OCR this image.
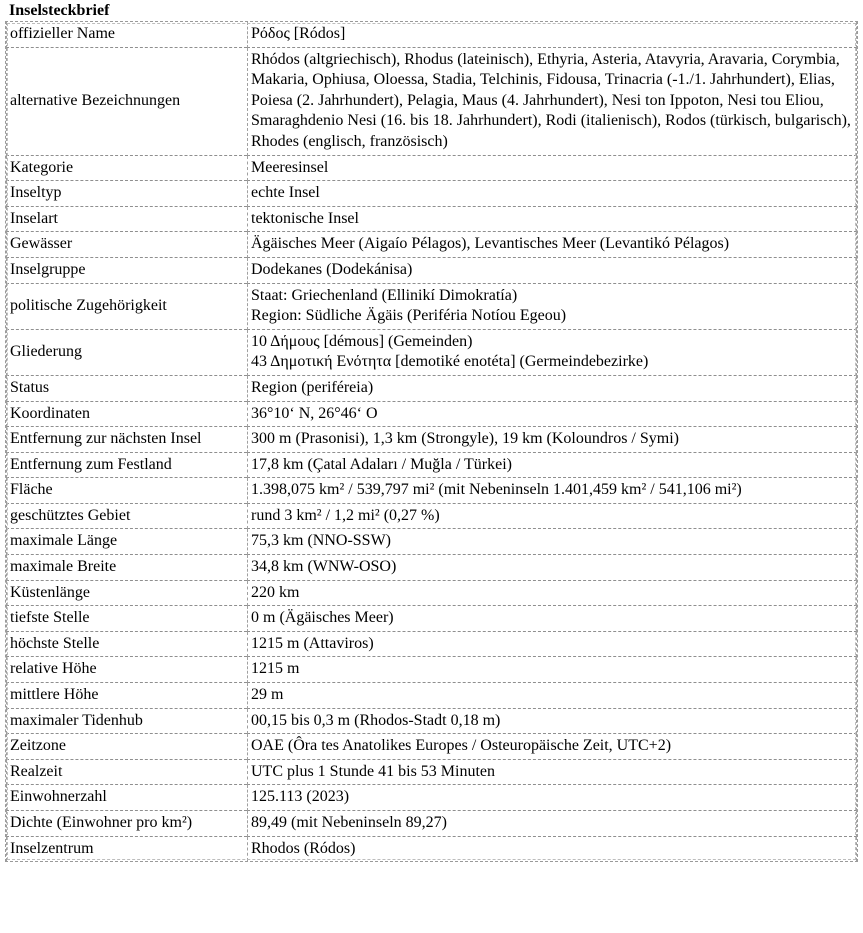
Inselsteckbrief
offizieller Name	Ρόδος [Ródos]

alternative Bezeichnungen	Rhódos (altgriechisch), Rhodus (lateinisch), Ethyria, Asteria, Atavyria, Aravaria, Corymbia, Makaria, Ophiusa, Oloessa, Stadia, Telchinis, Fidousa, Trinacria (-1./1. Jahrhundert), Elias, Poiesa (2. Jahrhundert), Pelagia, Maus (4. Jahrhundert), Nesi ton Ippoton, Nesi tou Eliou, Smaraghdenio Nesi (16. bis 18. Jahrhundert), Rodi (italienisch), Rodos (türkisch, bulgarisch), Rhodes (englisch, französisch)

Kategorie	Meeresinsel

Inseltyp	echte Insel

Inselart	tektonische Insel

Gewässer	Ägäisches Meer (Aigaío Pélagos), Levantisches Meer (Levantikó Pélagos)

Inselgruppe	Dodekanes (Dodekánisa)

politische Zugehörigkeit	Staat: Griechenland (Ellinikí Dimokratía)
Region: Südliche Ägäis (Periféria Notíou Egeou)

Gliederung	10 Δήμους [démous] (Gemeinden)
43 Δημοτική Ενότητα [demotiké enotéta] (Germeindebezirke)

Status	Region (periféreia)

Koordinaten	36°10‘ N, 26°46‘ O

Entfernung zur nächsten Insel	300 m (Prasonisi), 1,3 km (Strongyle), 19 km (Koloundros / Symi)

Entfernung zum Festland	17,8 km (Çatal Adaları / Muğla / Türkei)

Fläche	1.398,075 km² / 539,797 mi² (mit Nebeninseln 1.401,459 km² / 541,106 mi²)

geschütztes Gebiet	rund 3 km² / 1,2 mi² (0,27 %)

maximale Länge	75,3 km (NNO-SSW)

maximale Breite	34,8 km (WNW-OSO)

Küstenlänge	220 km

tiefste Stelle	0 m (Ägäisches Meer)

höchste Stelle	1215 m (Attaviros)

relative Höhe	1215 m

mittlere Höhe	29 m

maximaler Tidenhub	00,15 bis 0,3 m (Rhodos-Stadt 0,18 m)

Zeitzone	OAE (Ôra tes Anatolikes Europes / Osteuropäische Zeit, UTC+2)

Realzeit	UTC plus 1 Stunde 41 bis 53 Minuten

Einwohnerzahl	125.113 (2023)

Dichte (Einwohner pro km²)	89,49 (mit Nebeninseln 89,27)

Inselzentrum	Rhodos (Ródos)
